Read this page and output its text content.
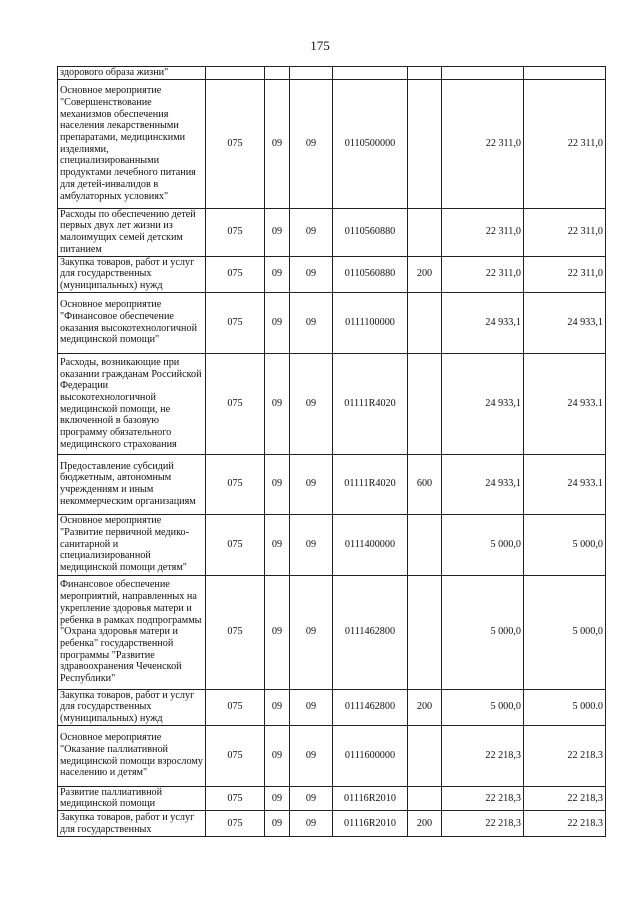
175
здорового образа жизни"							
Основное мероприятие "Совершенствование механизмов обеспечения населения лекарственными препаратами, медицинскими изделиями, специализированными продуктами лечебного питания для детей-инвалидов в амбулаторных условиях"	075	09	09	0110500000		22 311,0	22 311,0
Расходы по обеспечению детей первых двух лет жизни из малоимущих семей детским питанием	075	09	09	0110560880		22 311,0	22 311,0
Закупка товаров, работ и услуг для государственных (муниципальных) нужд	075	09	09	0110560880	200	22 311,0	22 311,0
Основное мероприятие "Финансовое обеспечение оказания высокотехнологичной медицинской помощи"	075	09	09	0111100000		24 933,1	24 933,1
Расходы, возникающие при оказании гражданам Российской Федерации высокотехнологичной медицинской помощи, не включенной в базовую программу обязательного медицинского страхования	075	09	09	01111R4020		24 933,1	24 933.1
Предоставление субсидий бюджетным, автономным учреждениям и иным некоммерческим организациям	075	09	09	01111R4020	600	24 933,1	24 933.1
Основное мероприятие "Развитие первичной медико-санитарной и специализированной медицинской помощи детям"	075	09	09	0111400000		5 000,0	5 000,0
Финансовое обеспечение мероприятий, направленных на укрепление здоровья матери и ребенка в рамках подпрограммы "Охрана здоровья матери и ребенка" государственной программы "Развитие здравоохранения Чеченской Республики"	075	09	09	0111462800		5 000,0	5 000,0
Закупка товаров, работ и услуг для государственных (муниципальных) нужд	075	09	09	0111462800	200	5 000,0	5 000.0
Основное мероприятие "Оказание паллиативной медицинской помощи взрослому населению и детям"	075	09	09	0111600000		22 218,3	22 218.3
Развитие паллиативной медицинской помощи	075	09	09	01116R2010		22 218,3	22 218,3
Закупка товаров, работ и услуг для государственных	075	09	09	01116R2010	200	22 218,3	22 218.3
